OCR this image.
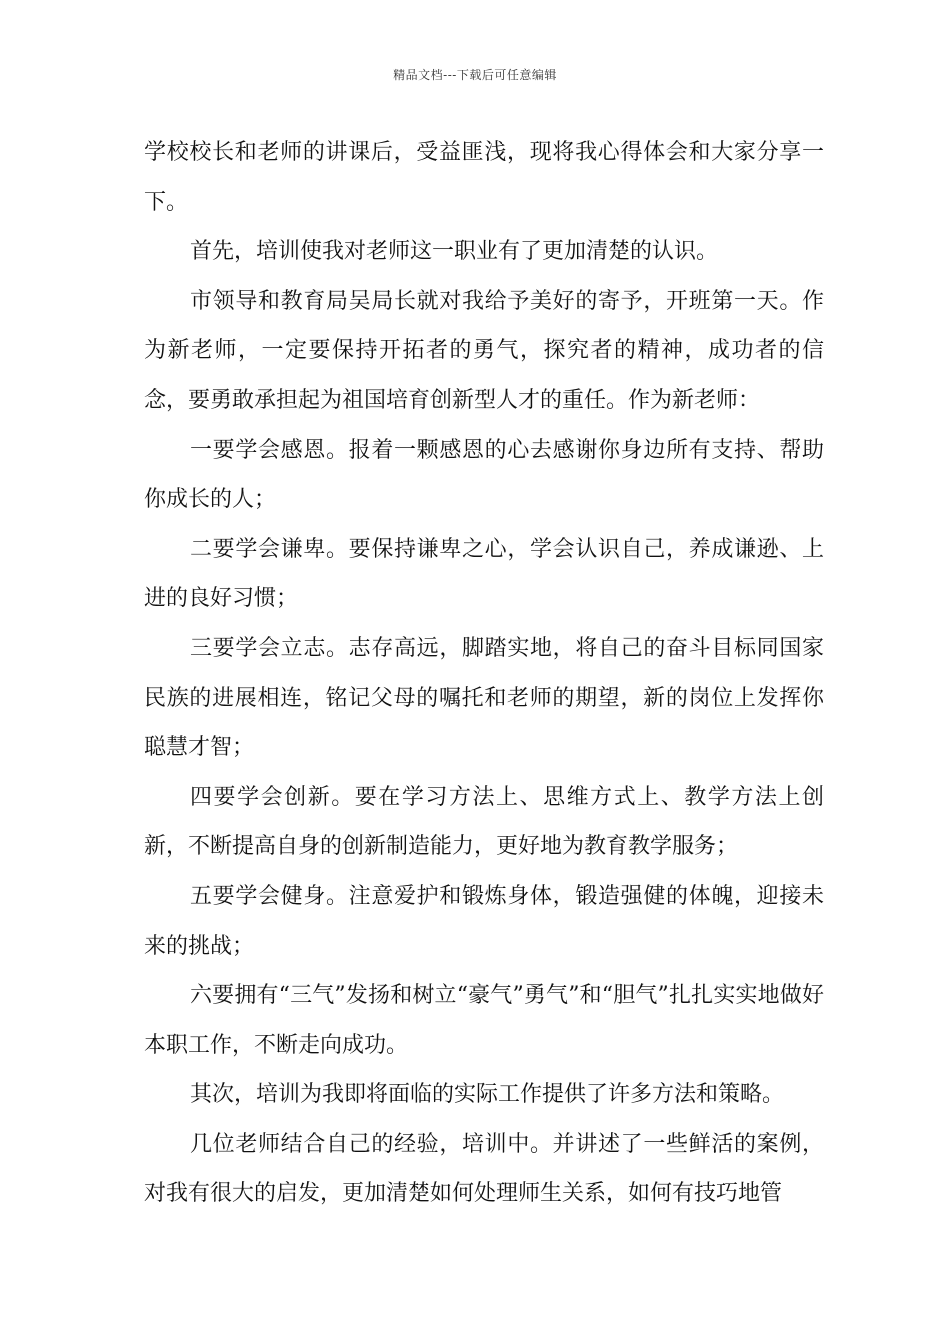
精品文档---下载后可任意编辑

学校校长和老师的讲课后，受益匪浅，现将我心得体会和大家分享一下。

首先，培训使我对老师这一职业有了更加清楚的认识。

市领导和教育局吴局长就对我给予美好的寄予，开班第一天。作为新老师，一定要保持开拓者的勇气，探究者的精神，成功者的信念，要勇敢承担起为祖国培育创新型人才的重任。作为新老师：

一要学会感恩。报着一颗感恩的心去感谢你身边所有支持、帮助你成长的人；

二要学会谦卑。要保持谦卑之心，学会认识自己，养成谦逊、上进的良好习惯；

三要学会立志。志存高远，脚踏实地，将自己的奋斗目标同国家民族的进展相连，铭记父母的嘱托和老师的期望，新的岗位上发挥你聪慧才智；

四要学会创新。要在学习方法上、思维方式上、教学方法上创新，不断提高自身的创新制造能力，更好地为教育教学服务；

五要学会健身。注意爱护和锻炼身体，锻造强健的体魄，迎接未来的挑战；

六要拥有“三气”发扬和树立“豪气”勇气”和“胆气”扎扎实实地做好本职工作，不断走向成功。

其次，培训为我即将面临的实际工作提供了许多方法和策略。

几位老师结合自己的经验，培训中。并讲述了一些鲜活的案例，对我有很大的启发，更加清楚如何处理师生关系，如何有技巧地管
